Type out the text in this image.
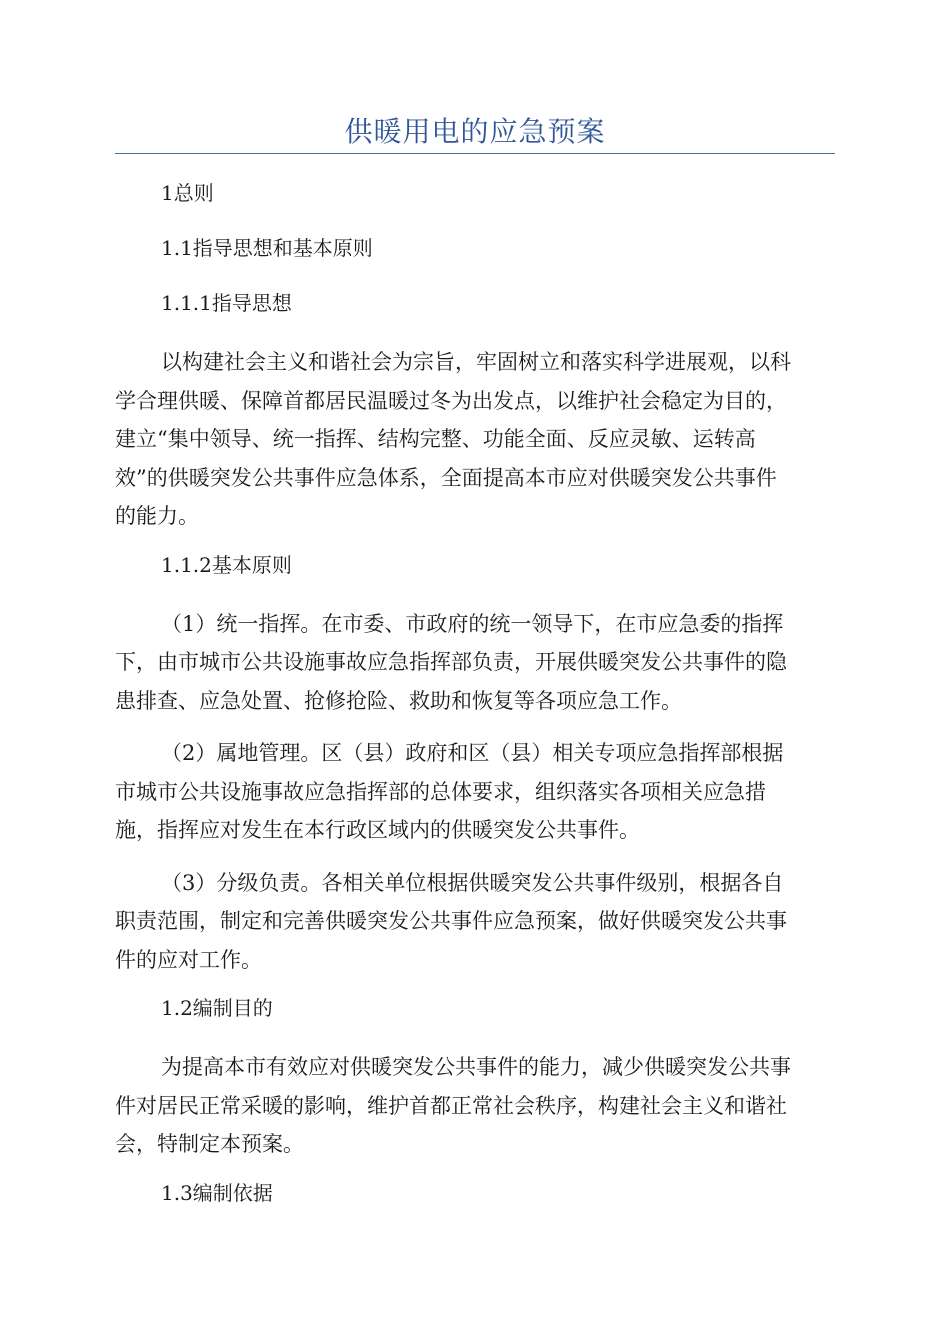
供暖用电的应急预案
1总则
1.1指导思想和基本原则
1.1.1指导思想
以构建社会主义和谐社会为宗旨，牢固树立和落实科学进展观，以科
学合理供暖、保障首都居民温暖过冬为出发点，以维护社会稳定为目的，
建立“集中领导、统一指挥、结构完整、功能全面、反应灵敏、运转高
效”的供暖突发公共事件应急体系，全面提高本市应对供暖突发公共事件
的能力。
1.1.2基本原则
（1）统一指挥。在市委、市政府的统一领导下，在市应急委的指挥
下，由市城市公共设施事故应急指挥部负责，开展供暖突发公共事件的隐
患排查、应急处置、抢修抢险、救助和恢复等各项应急工作。
（2）属地管理。区（县）政府和区（县）相关专项应急指挥部根据
市城市公共设施事故应急指挥部的总体要求，组织落实各项相关应急措
施，指挥应对发生在本行政区域内的供暖突发公共事件。
（3）分级负责。各相关单位根据供暖突发公共事件级别，根据各自
职责范围，制定和完善供暖突发公共事件应急预案，做好供暖突发公共事
件的应对工作。
1.2编制目的
为提高本市有效应对供暖突发公共事件的能力，减少供暖突发公共事
件对居民正常采暖的影响，维护首都正常社会秩序，构建社会主义和谐社
会，特制定本预案。
1.3编制依据
